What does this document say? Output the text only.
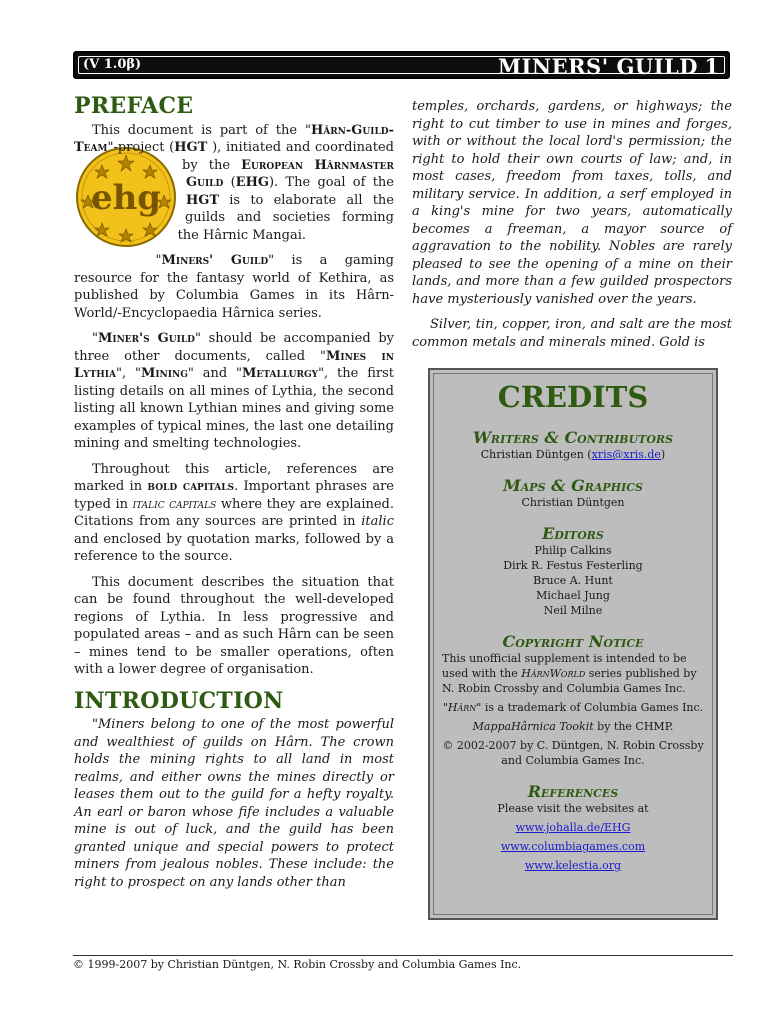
(V 1.0β)	MINERS' GUILD 1
PREFACE

This document is part of the "Hârn-Guild-Team"-project (HGT
ehg
), initiated and coordinated by the European Hârnmaster Guild (EHG). The goal of the HGT is to elaborate all the guilds and societies forming the Hârnic Mangai.

"Miners' Guild" is a gaming resource for the fantasy world of Kethira, as published by Columbia Games in its Hârn-World/-Encyclopaedia Hârnica series.

"Miner's Guild" should be accompanied by three other documents, called "Mines in Lythia", "Mining" and "Metallurgy", the first listing details on all mines of Lythia, the second listing all known Lythian mines and giving some examples of typical mines, the last one detailing mining and smelting technologies.

Throughout this article, references are marked in bold capitals. Important phrases are typed in italic capitals where they are explained. Citations from any sources are printed in italic and enclosed by quotation marks, followed by a reference to the source.

This document describes the situation that can be found throughout the well-developed regions of Lythia. In less progressive and populated areas – and as such Hârn can be seen – mines tend to be smaller operations, often with a lower degree of organisation.

INTRODUCTION

"Miners belong to one of the most powerful and wealthiest of guilds on Hârn. The crown holds the mining rights to all land in most realms, and either owns the mines directly or leases them out to the guild for a hefty royalty. An earl or baron whose fife includes a valuable mine is out of luck, and the guild has been granted unique and special powers to protect miners from jealous nobles. These include: the right to prospect on any lands other than

temples, orchards, gardens, or highways; the right to cut timber to use in mines and forges, with or without the local lord's permission; the right to hold their own courts of law; and, in most cases, freedom from taxes, tolls, and military service. In addition, a serf employed in a king's mine for two years, automatically becomes a freeman, a mayor source of aggravation to the nobility. Nobles are rarely pleased to see the opening of a mine on their lands, and more than a few guilded prospectors have mysteriously vanished over the years.

Silver, tin, copper, iron, and salt are the most common metals and minerals mined. Gold is

CREDITS
Writers & Contributors
Christian Düntgen (xris@xris.de)
Maps & Graphics
Christian Düntgen
Editors
Philip Calkins
Dirk R. Festus Festerling
Bruce A. Hunt
Michael Jung
Neil Milne
Copyright Notice
This unofficial supplement is intended to be used with the HârnWorld series published by N. Robin Crossby and Columbia Games Inc.
"Hârn" is a trademark of Columbia Games Inc.
MappaHârnica Tookit by the CHMP.
© 2002-2007 by C. Düntgen, N. Robin Crossby and Columbia Games Inc.
References
Please visit the websites at
www.johalla.de/EHG
www.columbiagames.com
www.kelestia.org
© 1999-2007 by Christian Düntgen, N. Robin Crossby and Columbia Games Inc.
